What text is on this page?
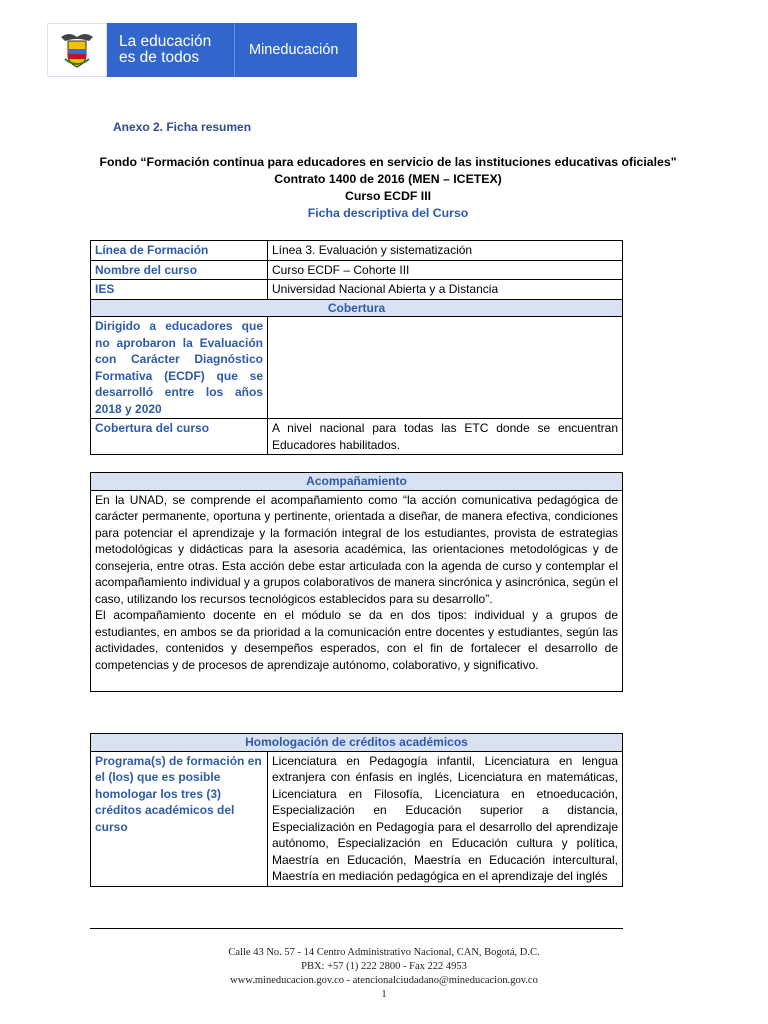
La educación
es de todos	Mineducación
Anexo 2. Ficha resumen
Fondo “Formación continua para educadores en servicio de las instituciones educativas oficiales"
Contrato 1400 de 2016 (MEN – ICETEX)
Curso ECDF III
Ficha descriptiva del Curso
Línea de Formación	Línea 3. Evaluación y sistematización
Nombre del curso	Curso ECDF – Cohorte III
IES	Universidad Nacional Abierta y a Distancia
Cobertura	
Dirigido a educadores que no aprobaron la Evaluación con Carácter Diagnóstico Formativa (ECDF) que se desarrolló entre los años 2018 y 2020	
Cobertura del curso	A nivel nacional para todas las ETC donde se encuentran Educadores habilitados.
Acompañamiento

En la UNAD, se comprende el acompañamiento como “la acción comunicativa pedagógica de carácter permanente, oportuna y pertinente, orientada a diseñar, de manera efectiva, condiciones para potenciar el aprendizaje y la formación integral de los estudiantes, provista de estrategias metodológicas y didácticas para la asesoria académica, las orientaciones metodológicas y de consejeria, entre otras. Esta acción debe estar articulada con la agenda de curso y contemplar el acompañamiento individual y a grupos colaborativos de manera sincrónica y asincrónica, según el caso, utilizando los recursos tecnológicos establecidos para su desarrollo”.
El acompañamiento docente en el módulo se da en dos tipos: individual y a grupos de estudiantes, en ambos se da prioridad a la comunicación entre docentes y estudiantes, según las actividades, contenidos y desempeños esperados, con el fin de fortalecer el desarrollo de competencias y de procesos de aprendizaje autónomo, colaborativo, y significativo.
Homologación de créditos académicos
Programa(s) de formación en el (los) que es posible homologar los tres (3) créditos académicos del curso	Licenciatura en Pedagogía infantil, Licenciatura en lengua extranjera con énfasis en inglés, Licenciatura en matemáticas, Licenciatura en Filosofía, Licenciatura en etnoeducación, Especialización en Educación superior a distancia, Especialización en Pedagogía para el desarrollo del aprendizaje autónomo, Especialización en Educación cultura y política, Maestría en Educación, Maestría en Educación intercultural, Maestría en mediación pedagógica en el aprendizaje del inglés
Calle 43 No. 57 - 14 Centro Administrativo Nacional, CAN, Bogotá, D.C.
PBX: +57 (1) 222 2800 - Fax 222 4953
www.mineducacion.gov.co - atencionalciudadano@mineducacion.gov.co
1
